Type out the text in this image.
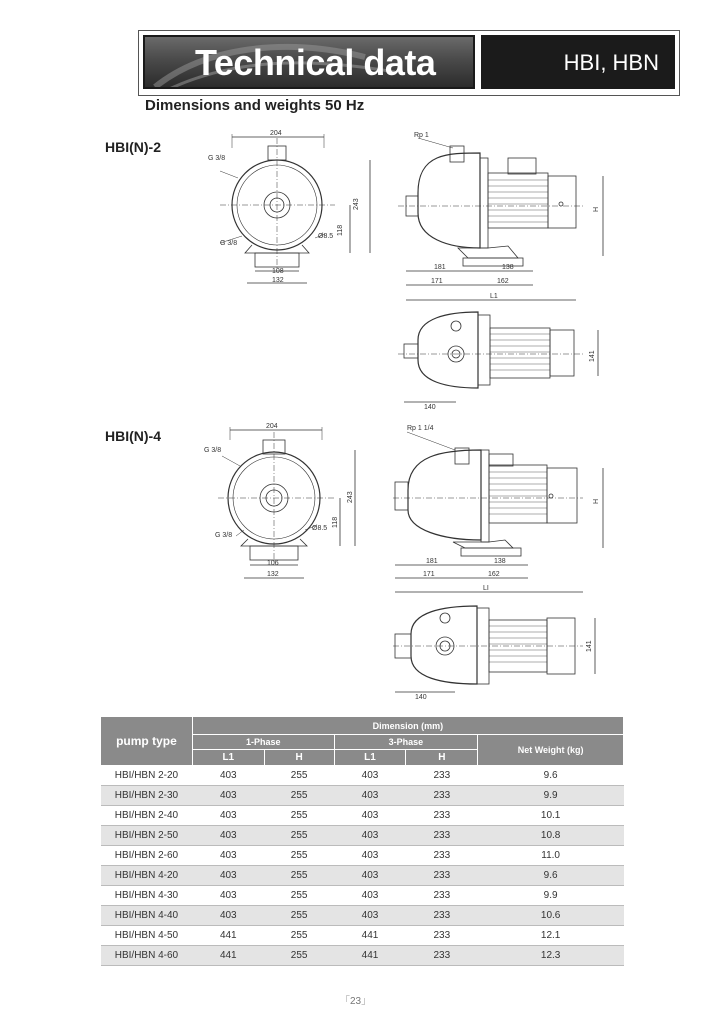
Technical data	HBI, HBN
Dimensions and weights 50 Hz
HBI(N)-2
204
G 3/8
G 3/8
Ø8.5
243
118
108
132
Rp 1
181	138
171	162
L1
H
140
141
HBI(N)-4
204
G 3/8
G 3/8
Ø8.5
243
118
106
132
Rp 1 1/4
181	138
171	162
LI
H
140
141
pump type	Dimension (mm)				
	1-Phase		3-Phase		Net Weight (kg)
	L1	H	L1	H	
HBI/HBN 2-20	403	255	403	233	9.6
HBI/HBN 2-30	403	255	403	233	9.9
HBI/HBN 2-40	403	255	403	233	10.1
HBI/HBN 2-50	403	255	403	233	10.8
HBI/HBN 2-60	403	255	403	233	11.0
HBI/HBN 4-20	403	255	403	233	9.6
HBI/HBN 4-30	403	255	403	233	9.9
HBI/HBN 4-40	403	255	403	233	10.6
HBI/HBN 4-50	441	255	441	233	12.1
HBI/HBN 4-60	441	255	441	233	12.3
「23」
